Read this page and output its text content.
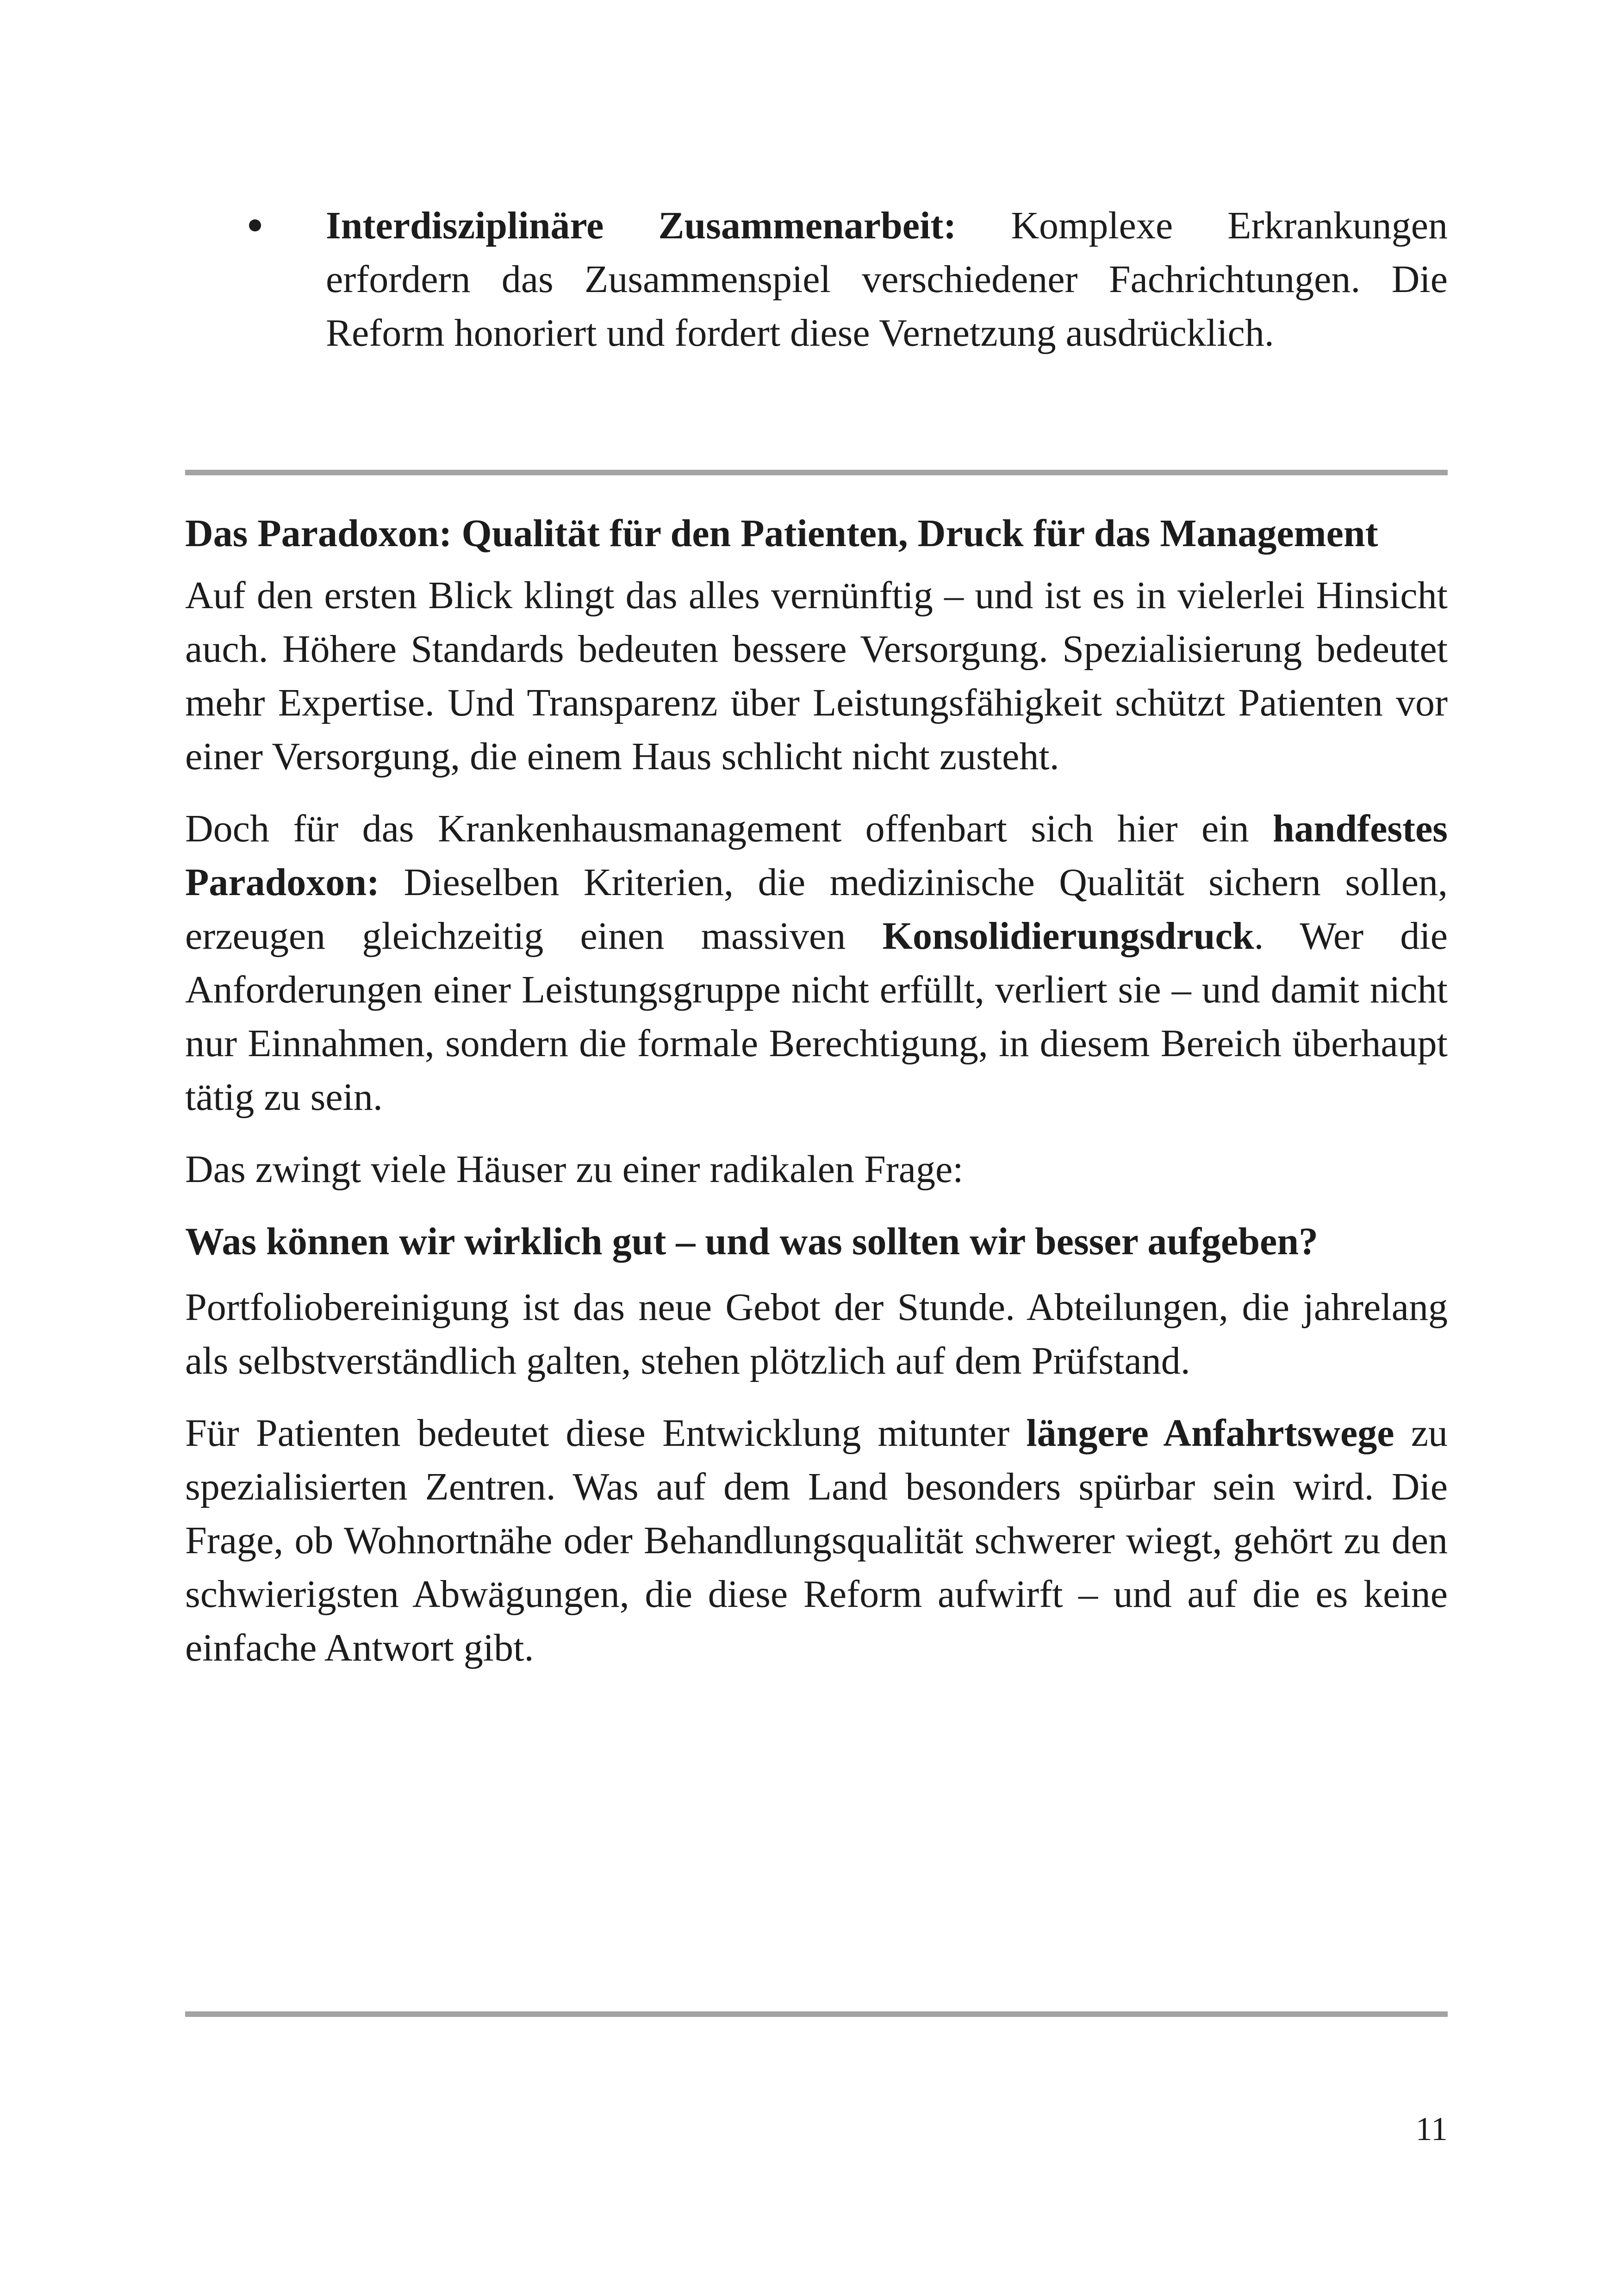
Interdisziplinäre Zusammenarbeit: Komplexe Erkrankungen erfordern das Zusammenspiel verschiedener Fachrichtungen. Die Reform honoriert und fordert diese Vernetzung ausdrücklich.

Das Paradoxon: Qualität für den Patienten, Druck für das Management

Auf den ersten Blick klingt das alles vernünftig – und ist es in vielerlei Hinsicht auch. Höhere Standards bedeuten bessere Versorgung. Spezialisierung bedeutet mehr Expertise. Und Transparenz über Leistungsfähigkeit schützt Patienten vor einer Versorgung, die einem Haus schlicht nicht zusteht.

Doch für das Krankenhausmanagement offenbart sich hier ein handfestes Paradoxon: Dieselben Kriterien, die medizinische Qualität sichern sollen, erzeugen gleichzeitig einen massiven Konsolidierungsdruck. Wer die Anforderungen einer Leistungsgruppe nicht erfüllt, verliert sie – und damit nicht nur Einnahmen, sondern die formale Berechtigung, in diesem Bereich überhaupt tätig zu sein.

Das zwingt viele Häuser zu einer radikalen Frage:

Was können wir wirklich gut – und was sollten wir besser aufgeben?

Portfoliobereinigung ist das neue Gebot der Stunde. Abteilungen, die jahrelang als selbstverständlich galten, stehen plötzlich auf dem Prüfstand.

Für Patienten bedeutet diese Entwicklung mitunter längere Anfahrtswege zu spezialisierten Zentren. Was auf dem Land besonders spürbar sein wird. Die Frage, ob Wohnortnähe oder Behandlungsqualität schwerer wiegt, gehört zu den schwierigsten Abwägungen, die diese Reform aufwirft – und auf die es keine einfache Antwort gibt.

11
